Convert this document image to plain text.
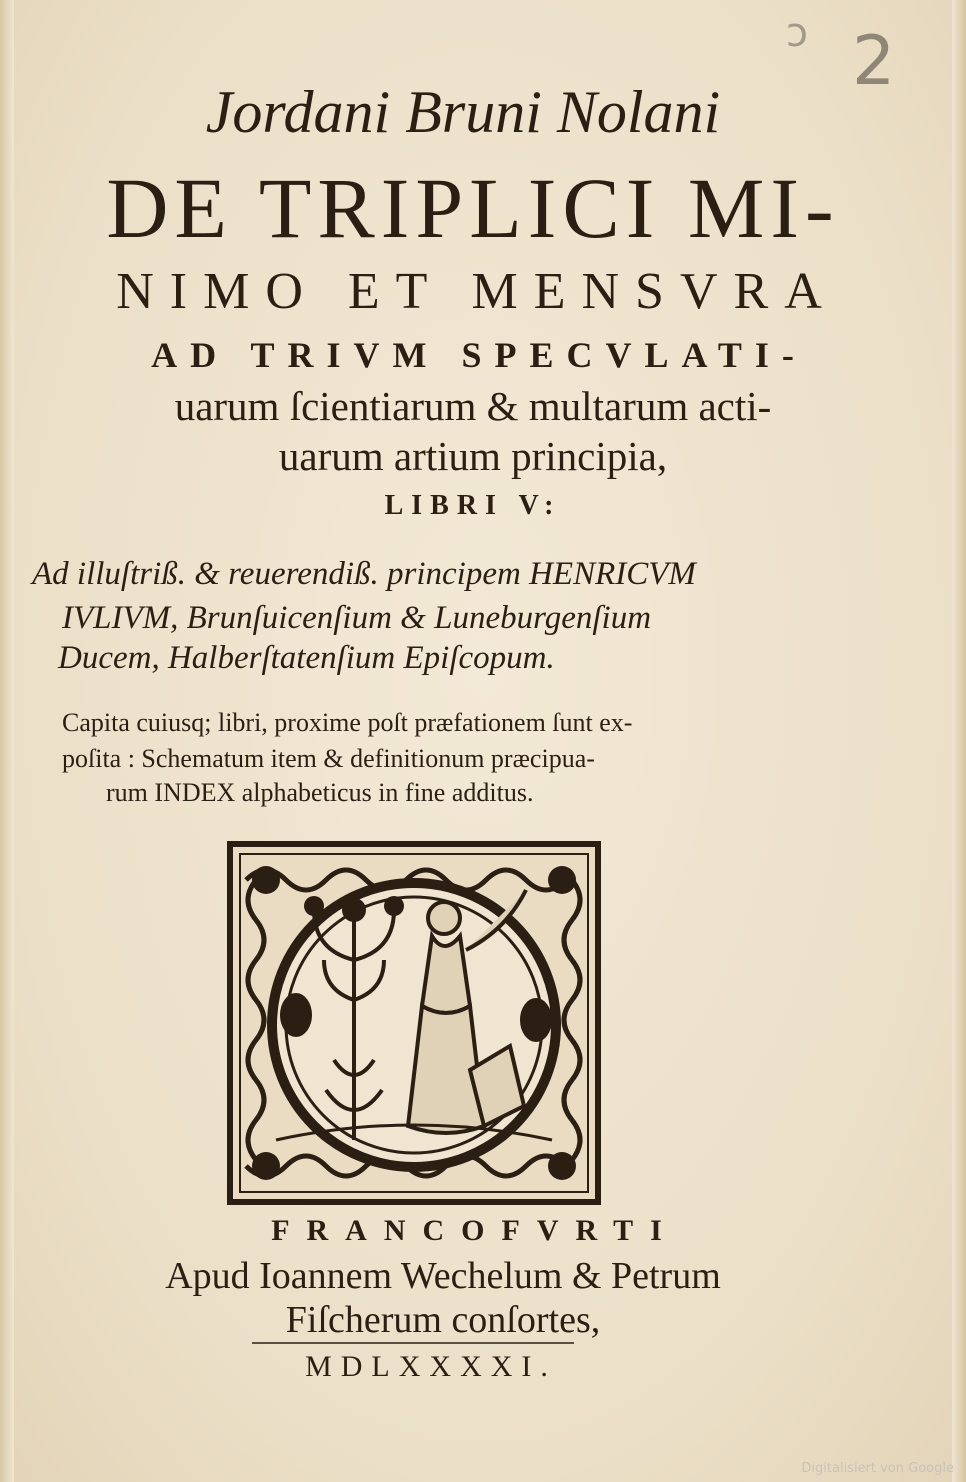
ɔ 2
Jordani Bruni Nolani
DE TRIPLICI MI-
NIMO ET MENSVRA
AD TRIVM SPECVLATI-
uarum ſcientiarum & multarum acti-
uarum artium principia,
LIBRI V:
Ad illuſtriß. & reuerendiß. principem HENRICVM
IVLIVM, Brunſuicenſium & Luneburgenſium
Ducem, Halberſtatenſium Epiſcopum.
Capita cuiusq; libri, proxime poſt præfationem ſunt ex-
poſita : Schematum item & definitionum præcipua-
rum INDEX alphabeticus in fine additus.
FRANCOFVRTI
Apud Ioannem Wechelum & Petrum
Fiſcherum conſortes,
MDLXXXXI.
Digitalisiert von Google
